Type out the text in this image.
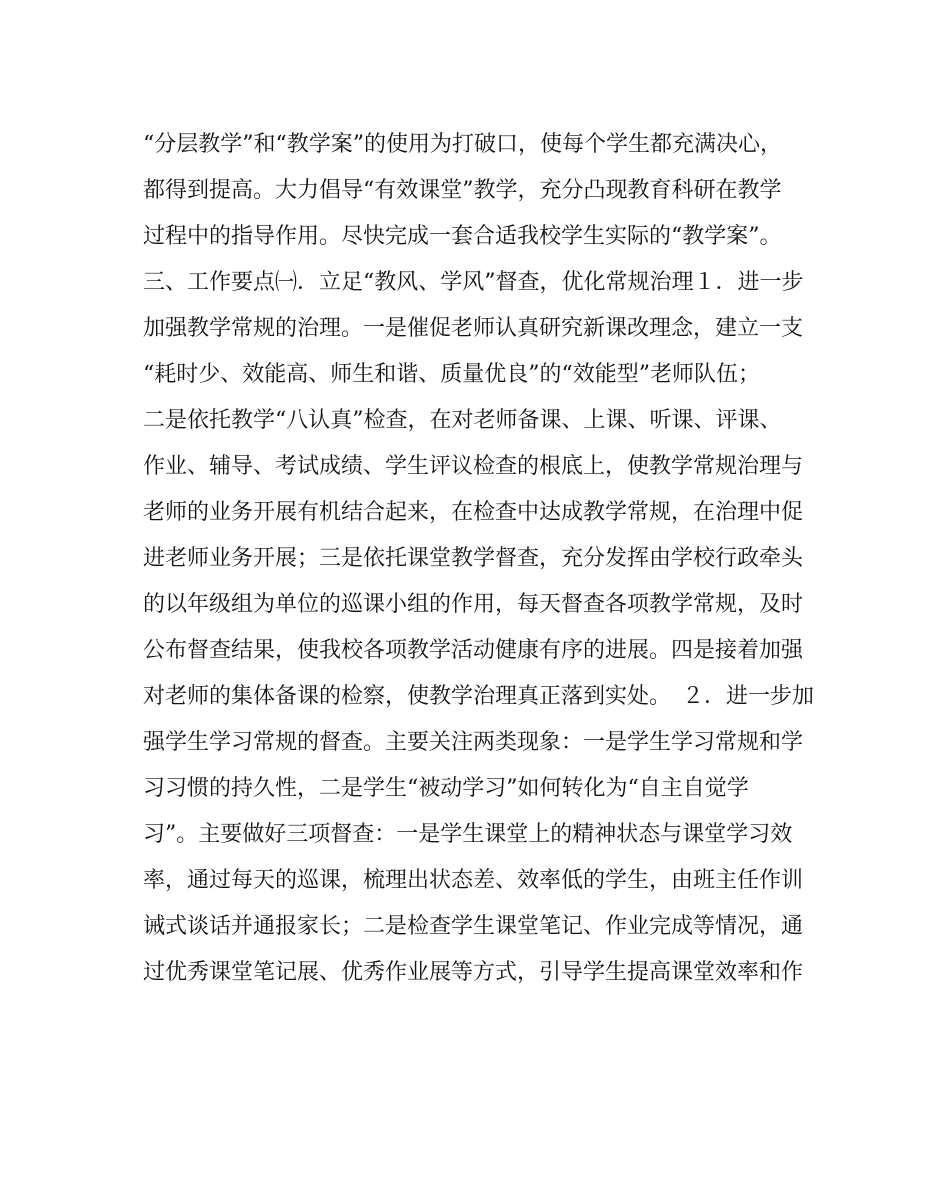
“分层教学”和“教学案”的使用为打破口，使每个学生都充满决心，
都得到提高。大力倡导“有效课堂”教学，充分凸现教育科研在教学
过程中的指导作用。尽快完成一套合适我校学生实际的“教学案”。
三、工作要点㈠．立足“教风、学风”督查，优化常规治理１．进一步
加强教学常规的治理。一是催促老师认真研究新课改理念，建立一支
“耗时少、效能高、师生和谐、质量优良”的“效能型”老师队伍；
二是依托教学“八认真”检查，在对老师备课、上课、听课、评课、
作业、辅导、考试成绩、学生评议检查的根底上，使教学常规治理与
老师的业务开展有机结合起来，在检查中达成教学常规，在治理中促
进老师业务开展；三是依托课堂教学督查，充分发挥由学校行政牵头
的以年级组为单位的巡课小组的作用，每天督查各项教学常规，及时
公布督查结果，使我校各项教学活动健康有序的进展。四是接着加强
对老师的集体备课的检察，使教学治理真正落到实处。　２．进一步加
强学生学习常规的督查。主要关注两类现象：一是学生学习常规和学
习习惯的持久性，二是学生“被动学习”如何转化为“自主自觉学
习”。主要做好三项督查：一是学生课堂上的精神状态与课堂学习效
率，通过每天的巡课，梳理出状态差、效率低的学生，由班主任作训
诫式谈话并通报家长；二是检查学生课堂笔记、作业完成等情况，通
过优秀课堂笔记展、优秀作业展等方式，引导学生提高课堂效率和作
